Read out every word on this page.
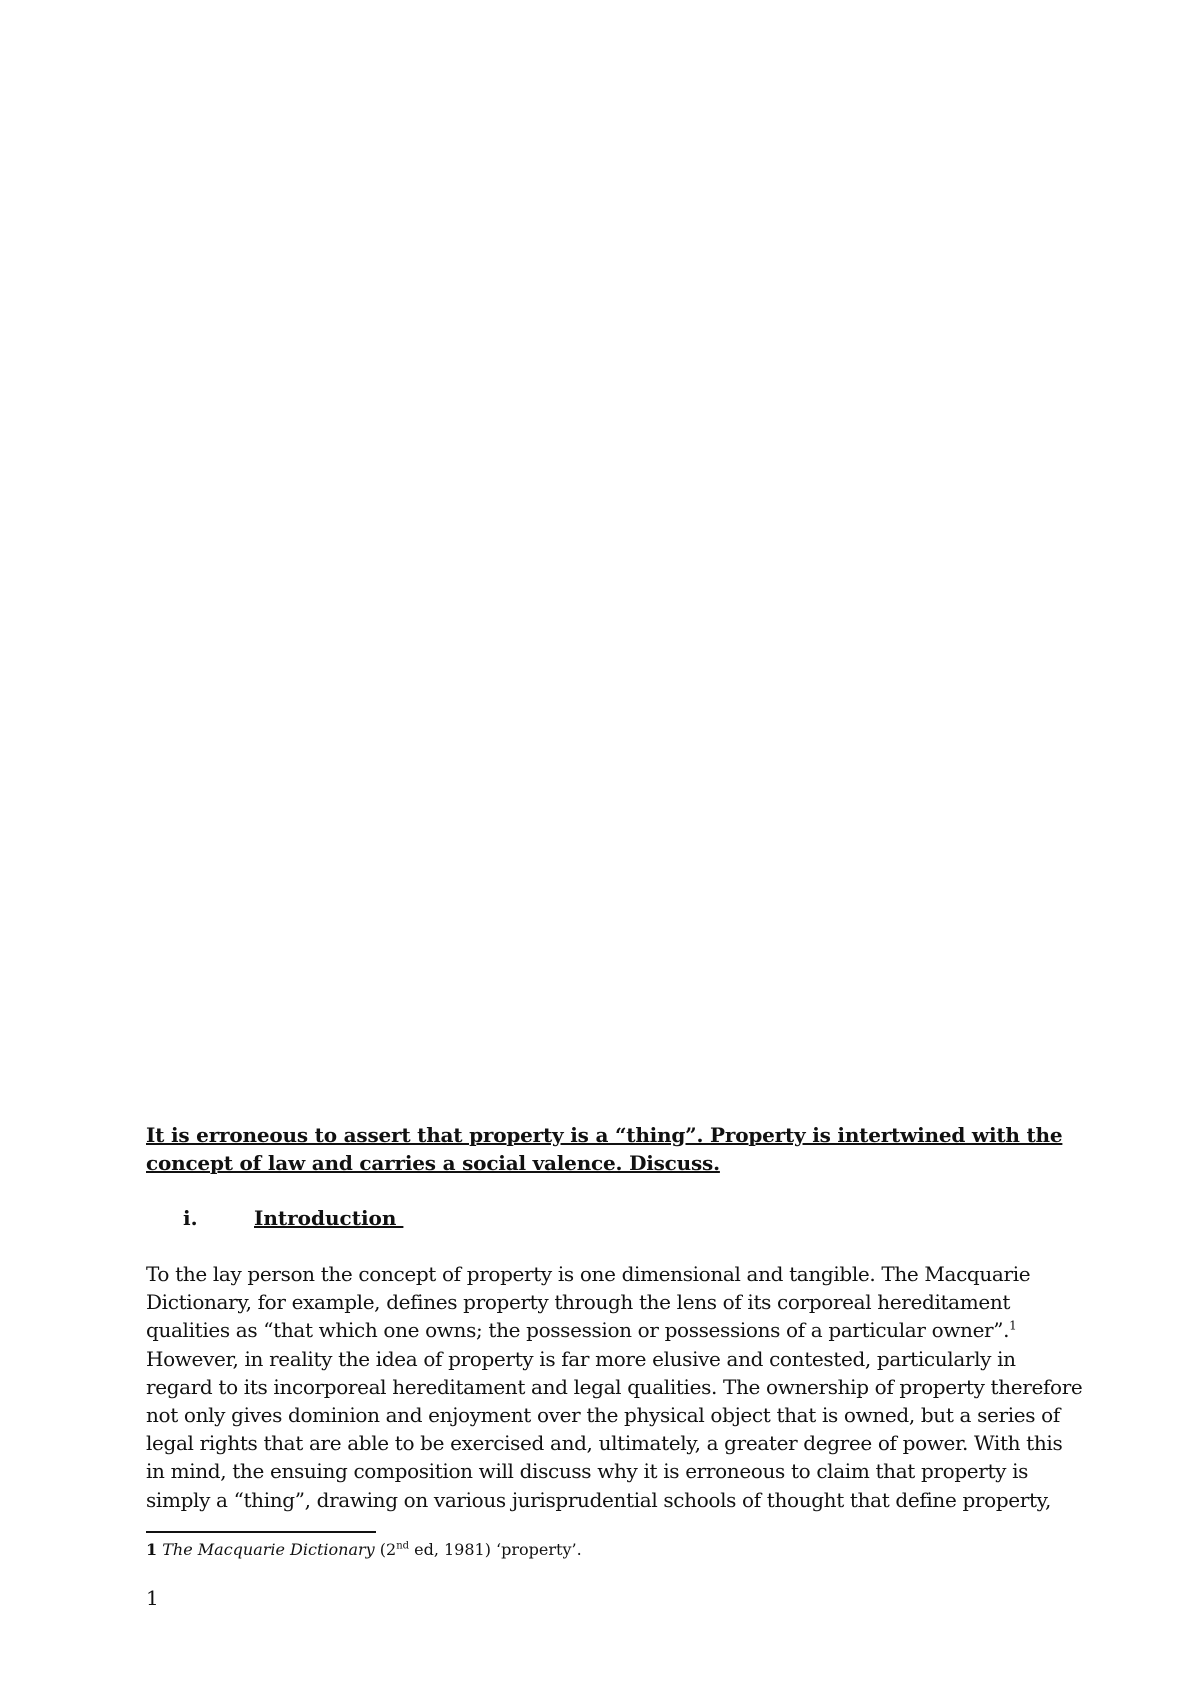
It is erroneous to assert that property is a “thing”. Property is intertwined with the
concept of law and carries a social valence. Discuss.
i.	Introduction
To the lay person the concept of property is one dimensional and tangible. The Macquarie
Dictionary, for example, defines property through the lens of its corporeal hereditament
qualities as “that which one owns; the possession or possessions of a particular owner”.$^1$
However, in reality the idea of property is far more elusive and contested, particularly in
regard to its incorporeal hereditament and legal qualities. The ownership of property therefore
not only gives dominion and enjoyment over the physical object that is owned, but a series of
legal rights that are able to be exercised and, ultimately, a greater degree of power. With this
in mind, the ensuing composition will discuss why it is erroneous to claim that property is
simply a “thing”, drawing on various jurisprudential schools of thought that define property,
1 The Macquarie Dictionary (2nd ed, 1981) ‘property’.
1
